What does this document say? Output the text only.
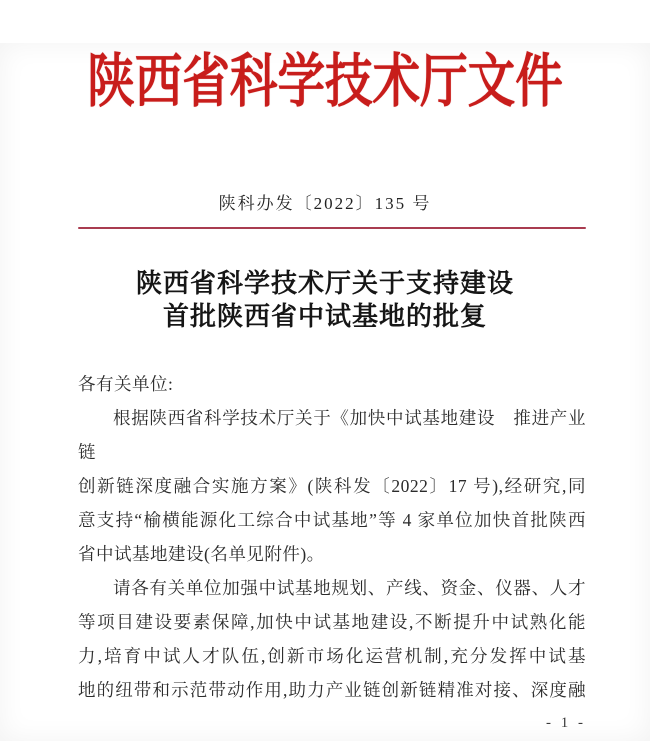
陕西省科学技术厅文件
陕科办发〔2022〕135 号
陕西省科学技术厅关于支持建设
首批陕西省中试基地的批复
各有关单位:
根据陕西省科学技术厅关于《加快中试基地建设　推进产业链
创新链深度融合实施方案》(陕科发〔2022〕17 号),经研究,同
意支持“榆横能源化工综合中试基地”等 4 家单位加快首批陕西
省中试基地建设(名单见附件)。
请各有关单位加强中试基地规划、产线、资金、仪器、人才
等项目建设要素保障,加快中试基地建设,不断提升中试熟化能
力,培育中试人才队伍,创新市场化运营机制,充分发挥中试基
地的纽带和示范带动作用,助力产业链创新链精准对接、深度融
- 1 -
